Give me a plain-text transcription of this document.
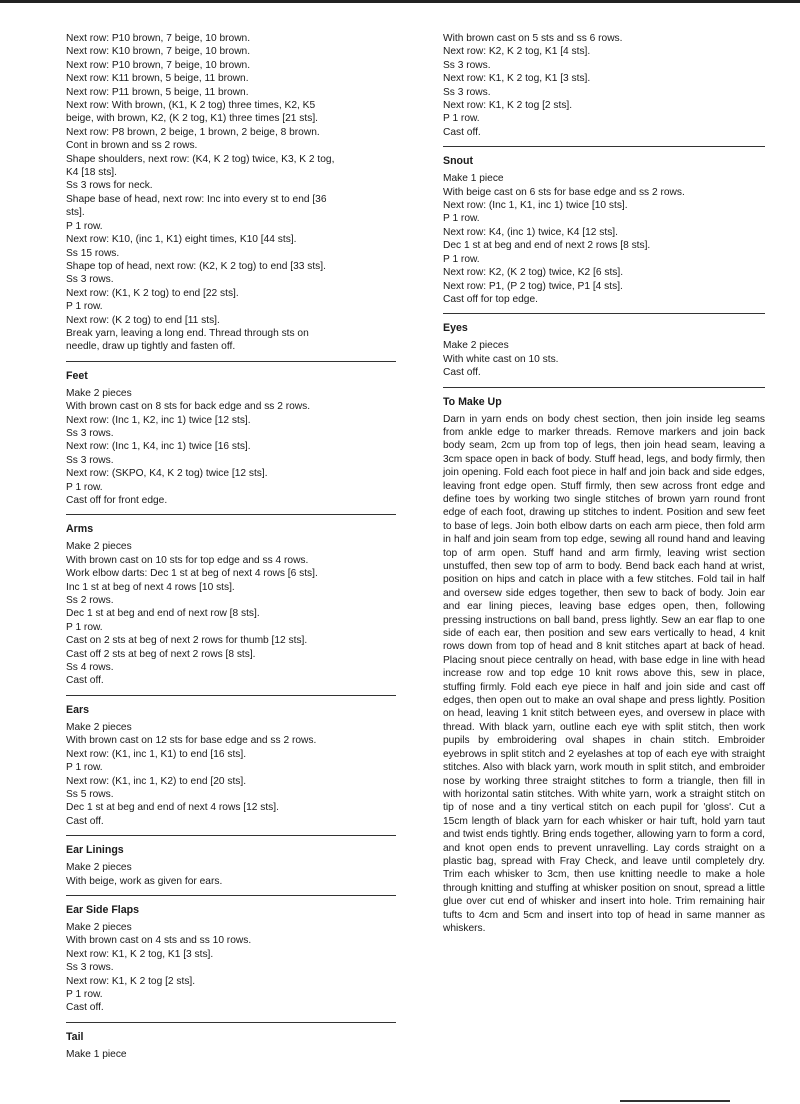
Next row: P10 brown, 7 beige, 10 brown.
Next row: K10 brown, 7 beige, 10 brown.
Next row: P10 brown, 7 beige, 10 brown.
Next row: K11 brown, 5 beige, 11 brown.
Next row: P11 brown, 5 beige, 11 brown.
Next row: With brown, (K1, K 2 tog) three times, K2, K5
beige, with brown, K2, (K 2 tog, K1) three times [21 sts].
Next row: P8 brown, 2 beige, 1 brown, 2 beige, 8 brown.
Cont in brown and ss 2 rows.
Shape shoulders, next row: (K4, K 2 tog) twice, K3, K 2 tog,
K4 [18 sts].
Ss 3 rows for neck.
Shape base of head, next row: Inc into every st to end [36
sts].
P 1 row.
Next row: K10, (inc 1, K1) eight times, K10 [44 sts].
Ss 15 rows.
Shape top of head, next row: (K2, K 2 tog) to end [33 sts].
Ss 3 rows.
Next row: (K1, K 2 tog) to end [22 sts].
P 1 row.
Next row: (K 2 tog) to end [11 sts].
Break yarn, leaving a long end. Thread through sts on
needle, draw up tightly and fasten off.
Feet
Make 2 pieces
With brown cast on 8 sts for back edge and ss 2 rows.
Next row: (Inc 1, K2, inc 1) twice [12 sts].
Ss 3 rows.
Next row: (Inc 1, K4, inc 1) twice [16 sts].
Ss 3 rows.
Next row: (SKPO, K4, K 2 tog) twice [12 sts].
P 1 row.
Cast off for front edge.
Arms
Make 2 pieces
With brown cast on 10 sts for top edge and ss 4 rows.
Work elbow darts: Dec 1 st at beg of next 4 rows [6 sts].
Inc 1 st at beg of next 4 rows [10 sts].
Ss 2 rows.
Dec 1 st at beg and end of next row [8 sts].
P 1 row.
Cast on 2 sts at beg of next 2 rows for thumb [12 sts].
Cast off 2 sts at beg of next 2 rows [8 sts].
Ss 4 rows.
Cast off.
Ears
Make 2 pieces
With brown cast on 12 sts for base edge and ss 2 rows.
Next row: (K1, inc 1, K1) to end [16 sts].
P 1 row.
Next row: (K1, inc 1, K2) to end [20 sts].
Ss 5 rows.
Dec 1 st at beg and end of next 4 rows [12 sts].
Cast off.
Ear Linings
Make 2 pieces
With beige, work as given for ears.
Ear Side Flaps
Make 2 pieces
With brown cast on 4 sts and ss 10 rows.
Next row: K1, K 2 tog, K1 [3 sts].
Ss 3 rows.
Next row: K1, K 2 tog [2 sts].
P 1 row.
Cast off.
Tail
Make 1 piece
With brown cast on 5 sts and ss 6 rows.
Next row: K2, K 2 tog, K1 [4 sts].
Ss 3 rows.
Next row: K1, K 2 tog, K1 [3 sts].
Ss 3 rows.
Next row: K1, K 2 tog [2 sts].
P 1 row.
Cast off.
Snout
Make 1 piece
With beige cast on 6 sts for base edge and ss 2 rows.
Next row: (Inc 1, K1, inc 1) twice [10 sts].
P 1 row.
Next row: K4, (inc 1) twice, K4 [12 sts].
Dec 1 st at beg and end of next 2 rows [8 sts].
P 1 row.
Next row: K2, (K 2 tog) twice, K2 [6 sts].
Next row: P1, (P 2 tog) twice, P1 [4 sts].
Cast off for top edge.
Eyes
Make 2 pieces
With white cast on 10 sts.
Cast off.
To Make Up
Darn in yarn ends on body chest section, then join inside leg seams from ankle edge to marker threads. Remove markers and join back body seam, 2cm up from top of legs, then join head seam, leaving a 3cm space open in back of body. Stuff head, legs, and body firmly, then join opening. Fold each foot piece in half and join back and side edges, leaving front edge open. Stuff firmly, then sew across front edge and define toes by working two single stitches of brown yarn round front edge of each foot, drawing up stitches to indent. Position and sew feet to base of legs. Join both elbow darts on each arm piece, then fold arm in half and join seam from top edge, sewing all round hand and leaving top of arm open. Stuff hand and arm firmly, leaving wrist section unstuffed, then sew top of arm to body. Bend back each hand at wrist, position on hips and catch in place with a few stitches. Fold tail in half and oversew side edges together, then sew to back of body. Join ear and ear lining pieces, leaving base edges open, then, following pressing instructions on ball band, press lightly. Sew an ear flap to one side of each ear, then position and sew ears vertically to head, 4 knit rows down from top of head and 8 knit stitches apart at back of head. Placing snout piece centrally on head, with base edge in line with head increase row and top edge 10 knit rows above this, sew in place, stuffing firmly. Fold each eye piece in half and join side and cast off edges, then open out to make an oval shape and press lightly. Position on head, leaving 1 knit stitch between eyes, and oversew in place with thread. With black yarn, outline each eye with split stitch, then work pupils by embroidering oval shapes in chain stitch. Embroider eyebrows in split stitch and 2 eyelashes at top of each eye with straight stitches. Also with black yarn, work mouth in split stitch, and embroider nose by working three straight stitches to form a triangle, then fill in with horizontal satin stitches. With white yarn, work a straight stitch on tip of nose and a tiny vertical stitch on each pupil for 'gloss'. Cut a 15cm length of black yarn for each whisker or hair tuft, hold yarn taut and twist ends tightly. Bring ends together, allowing yarn to form a cord, and knot open ends to prevent unravelling. Lay cords straight on a plastic bag, spread with Fray Check, and leave until completely dry. Trim each whisker to 3cm, then use knitting needle to make a hole through knitting and stuffing at whisker position on snout, spread a little glue over cut end of whisker and insert into hole. Trim remaining hair tufts to 4cm and 5cm and insert into top of head in same manner as whiskers.
